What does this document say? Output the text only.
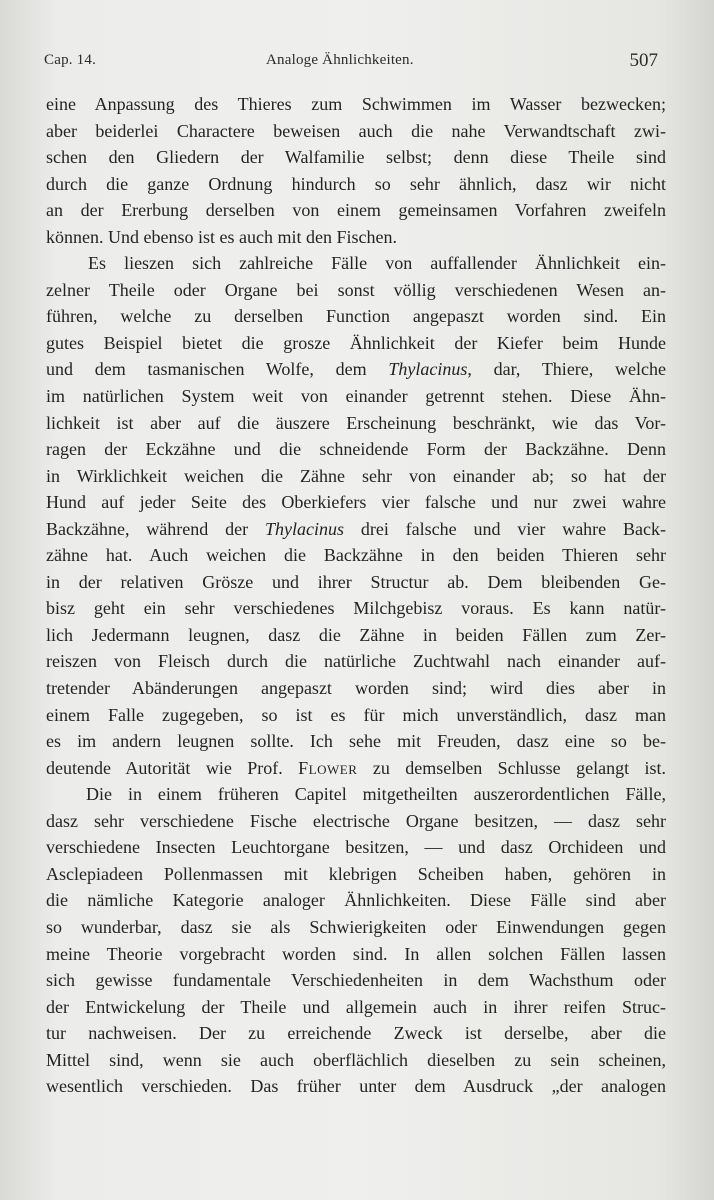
Cap. 14.	Analoge Ähnlichkeiten.	507
eine Anpassung des Thieres zum Schwimmen im Wasser bezwecken;
aber beiderlei Charactere beweisen auch die nahe Verwandtschaft zwi-
schen den Gliedern der Walfamilie selbst; denn diese Theile sind
durch die ganze Ordnung hindurch so sehr ähnlich, dasz wir nicht
an der Ererbung derselben von einem gemeinsamen Vorfahren zweifeln
können. Und ebenso ist es auch mit den Fischen.
Es lieszen sich zahlreiche Fälle von auffallender Ähnlichkeit ein-
zelner Theile oder Organe bei sonst völlig verschiedenen Wesen an-
führen, welche zu derselben Function angepaszt worden sind. Ein
gutes Beispiel bietet die grosze Ähnlichkeit der Kiefer beim Hunde
und dem tasmanischen Wolfe, dem Thylacinus, dar, Thiere, welche
im natürlichen System weit von einander getrennt stehen. Diese Ähn-
lichkeit ist aber auf die äuszere Erscheinung beschränkt, wie das Vor-
ragen der Eckzähne und die schneidende Form der Backzähne. Denn
in Wirklichkeit weichen die Zähne sehr von einander ab; so hat der
Hund auf jeder Seite des Oberkiefers vier falsche und nur zwei wahre
Backzähne, während der Thylacinus drei falsche und vier wahre Back-
zähne hat. Auch weichen die Backzähne in den beiden Thieren sehr
in der relativen Grösze und ihrer Structur ab. Dem bleibenden Ge-
bisz geht ein sehr verschiedenes Milchgebisz voraus. Es kann natür-
lich Jedermann leugnen, dasz die Zähne in beiden Fällen zum Zer-
reiszen von Fleisch durch die natürliche Zuchtwahl nach einander auf-
tretender Abänderungen angepaszt worden sind; wird dies aber in
einem Falle zugegeben, so ist es für mich unverständlich, dasz man
es im andern leugnen sollte. Ich sehe mit Freuden, dasz eine so be-
deutende Autorität wie Prof. Flower zu demselben Schlusse gelangt ist.
Die in einem früheren Capitel mitgetheilten auszerordentlichen Fälle,
dasz sehr verschiedene Fische electrische Organe besitzen, — dasz sehr
verschiedene Insecten Leuchtorgane besitzen, — und dasz Orchideen und
Asclepiadeen Pollenmassen mit klebrigen Scheiben haben, gehören in
die nämliche Kategorie analoger Ähnlichkeiten. Diese Fälle sind aber
so wunderbar, dasz sie als Schwierigkeiten oder Einwendungen gegen
meine Theorie vorgebracht worden sind. In allen solchen Fällen lassen
sich gewisse fundamentale Verschiedenheiten in dem Wachsthum oder
der Entwickelung der Theile und allgemein auch in ihrer reifen Struc-
tur nachweisen. Der zu erreichende Zweck ist derselbe, aber die
Mittel sind, wenn sie auch oberflächlich dieselben zu sein scheinen,
wesentlich verschieden. Das früher unter dem Ausdruck „der analogen
